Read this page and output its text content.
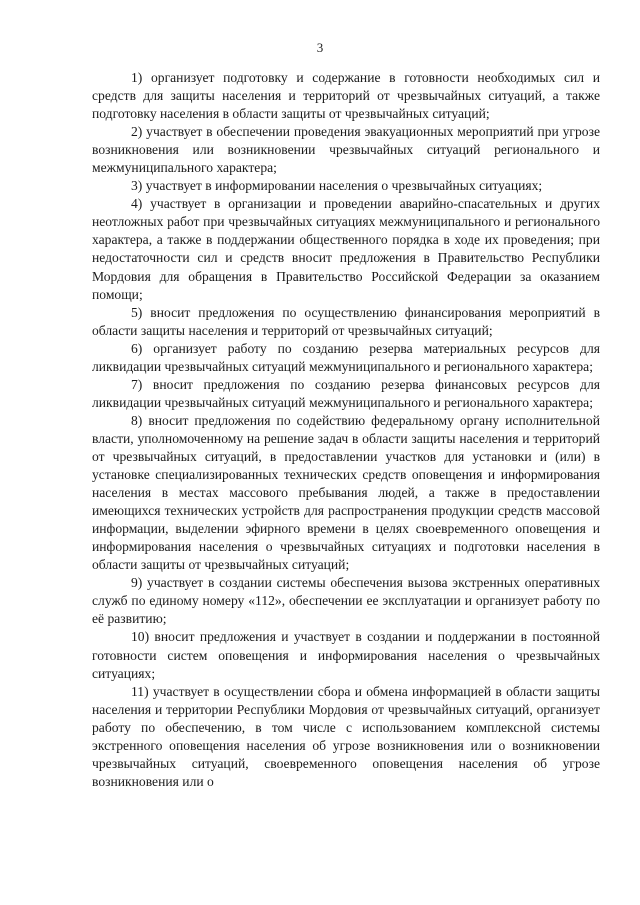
3

1) организует подготовку и содержание в готовности необходимых сил и средств для защиты населения и территорий от чрезвычайных ситуаций, а также подготовку населения в области защиты от чрезвычайных ситуаций;

2) участвует в обеспечении проведения эвакуационных мероприятий при угрозе возникновения или возникновении чрезвычайных ситуаций регионального и межмуниципального характера;

3) участвует в информировании населения о чрезвычайных ситуациях;

4) участвует в организации и проведении аварийно-спасательных и других неотложных работ при чрезвычайных ситуациях межмуниципального и регионального характера, а также в поддержании общественного порядка в ходе их проведения; при недостаточности сил и средств вносит предложения в Правительство Республики Мордовия для обращения в Правительство Российской Федерации за оказанием помощи;

5) вносит предложения по осуществлению финансирования мероприятий в области защиты населения и территорий от чрезвычайных ситуаций;

6) организует работу по созданию резерва материальных ресурсов для ликвидации чрезвычайных ситуаций межмуниципального и регионального характера;

7) вносит предложения по созданию резерва финансовых ресурсов для ликвидации чрезвычайных ситуаций межмуниципального и регионального характера;

8) вносит предложения по содействию федеральному органу исполнительной власти, уполномоченному на решение задач в области защиты населения и территорий от чрезвычайных ситуаций, в предоставлении участков для установки и (или) в установке специализированных технических средств оповещения и информирования населения в местах массового пребывания людей, а также в предоставлении имеющихся технических устройств для распространения продукции средств массовой информации, выделении эфирного времени в целях своевременного оповещения и информирования населения о чрезвычайных ситуациях и подготовки населения в области защиты от чрезвычайных ситуаций;

9) участвует в создании системы обеспечения вызова экстренных оперативных служб по единому номеру «112», обеспечении ее эксплуатации и организует работу по её развитию;

10) вносит предложения и участвует в создании и поддержании в постоянной готовности систем оповещения и информирования населения о чрезвычайных ситуациях;

11) участвует в осуществлении сбора и обмена информацией в области защиты населения и территории Республики Мордовия от чрезвычайных ситуаций, организует работу по обеспечению, в том числе с использованием комплексной системы экстренного оповещения населения об угрозе возникновения или о возникновении чрезвычайных ситуаций, своевременного оповещения населения об угрозе возникновения или о
